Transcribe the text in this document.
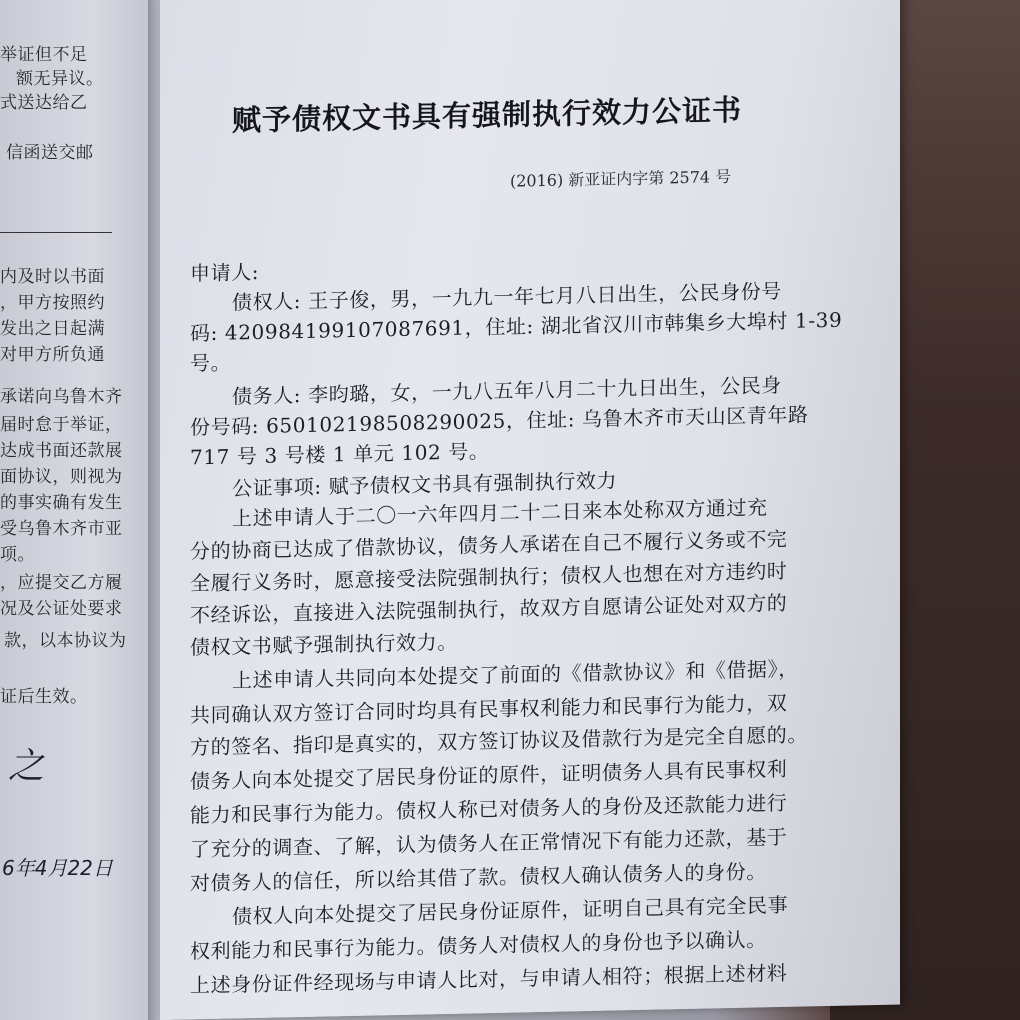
举证但不足
额无异议。
式送达给乙
信函送交邮
内及时以书面
，甲方按照约
发出之日起满
对甲方所负通
承诺向乌鲁木齐
届时怠于举证，
达成书面还款展
面协议，则视为
的事实确有发生
受乌鲁木齐市亚
项。
，应提交乙方履
况及公证处要求
款，以本协议为
证后生效。
之
6年4月22日
赋予债权文书具有强制执行效力公证书
(2016) 新亚证内字第 2574 号
申请人:
债权人: 王子俊，男，一九九一年七月八日出生，公民身份号
码: 420984199107087691，住址: 湖北省汉川市韩集乡大埠村 1-39
号。
债务人: 李昀璐，女，一九八五年八月二十九日出生，公民身
份号码: 650102198508290025，住址: 乌鲁木齐市天山区青年路
717 号 3 号楼 1 单元 102 号。
公证事项: 赋予债权文书具有强制执行效力
上述申请人于二〇一六年四月二十二日来本处称双方通过充
分的协商已达成了借款协议，债务人承诺在自己不履行义务或不完
全履行义务时，愿意接受法院强制执行；债权人也想在对方违约时
不经诉讼，直接进入法院强制执行，故双方自愿请公证处对双方的
债权文书赋予强制执行效力。
上述申请人共同向本处提交了前面的《借款协议》和《借据》，
共同确认双方签订合同时均具有民事权利能力和民事行为能力，双
方的签名、指印是真实的，双方签订协议及借款行为是完全自愿的。
债务人向本处提交了居民身份证的原件，证明债务人具有民事权利
能力和民事行为能力。债权人称已对债务人的身份及还款能力进行
了充分的调查、了解，认为债务人在正常情况下有能力还款，基于
对债务人的信任，所以给其借了款。债权人确认债务人的身份。
债权人向本处提交了居民身份证原件，证明自己具有完全民事
权利能力和民事行为能力。债务人对债权人的身份也予以确认。
上述身份证件经现场与申请人比对，与申请人相符；根据上述材料
